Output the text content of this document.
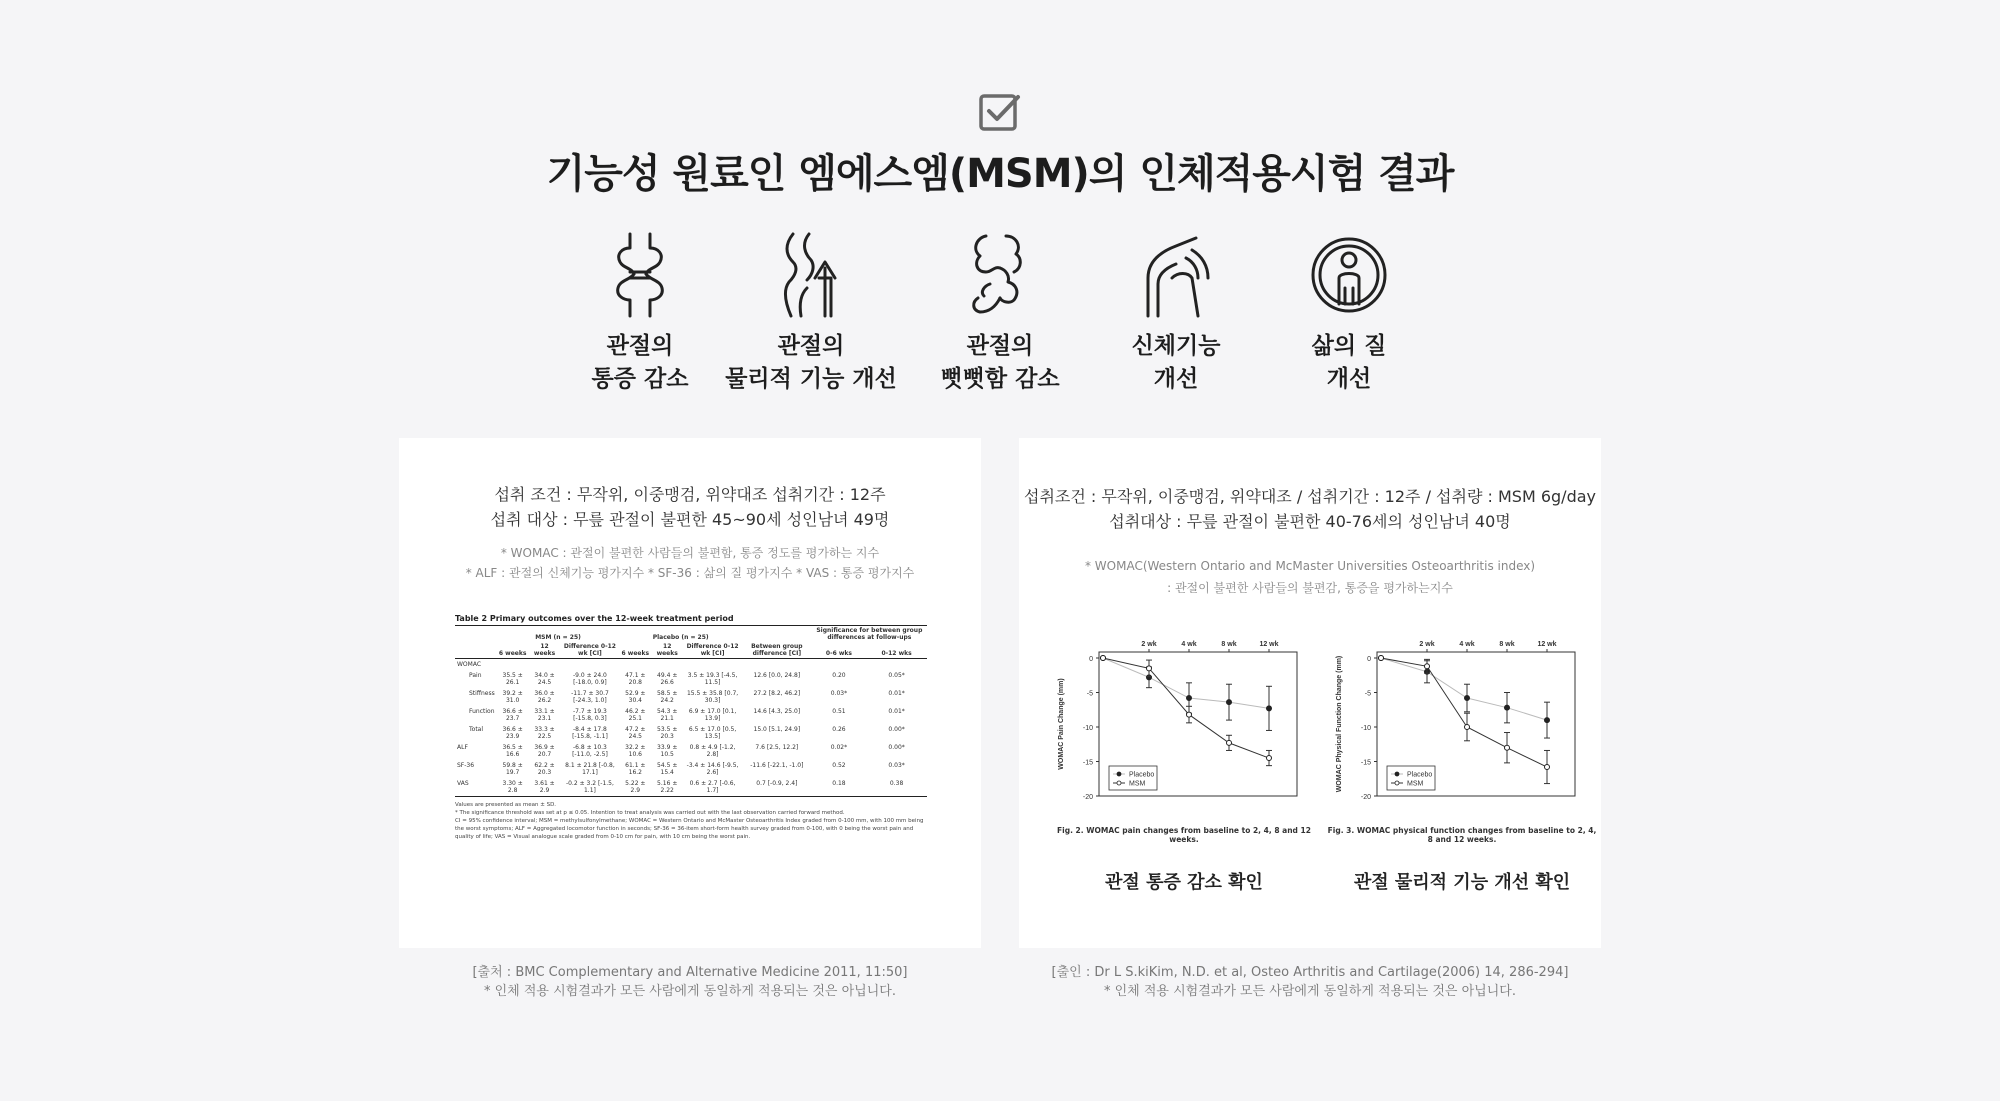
기능성 원료인 엠에스엠(MSM)의 인체적용시험 결과
관절의
통증 감소
관절의
물리적 기능 개선
관절의
뻣뻣함 감소
신체기능
개선
삶의 질
개선
섭취 조건 : 무작위, 이중맹검, 위약대조 섭취기간 : 12주
섭취 대상 : 무릎 관절이 불편한 45~90세 성인남녀 49명
* WOMAC : 관절이 불편한 사람들의 불편함, 통증 정도를 평가하는 지수
* ALF : 관절의 신체기능 평가지수 * SF-36 : 삶의 질 평가지수 * VAS : 통증 평가지수
Table 2 Primary outcomes over the 12-week treatment period
	MSM (n = 25)			Placebo (n = 25)				Significance for between group differences at follow-ups	
	6 weeks	12 weeks	Difference 0-12 wk [CI]	6 weeks	12 weeks	Difference 0-12 wk [CI]	Between group difference [CI]	0-6 wks	0-12 wks
WOMAC									
Pain	35.5 ± 26.1	34.0 ± 24.5	-9.0 ± 24.0 [-18.0, 0.9]	47.1 ± 20.8	49.4 ± 26.6	3.5 ± 19.3 [-4.5, 11.5]	12.6 [0.0, 24.8]	0.20	0.05*
Stiffness	39.2 ± 31.0	36.0 ± 26.2	-11.7 ± 30.7 [-24.3, 1.0]	52.9 ± 30.4	58.5 ± 24.2	15.5 ± 35.8 [0.7, 30.3]	27.2 [8.2, 46.2]	0.03*	0.01*
Function	36.6 ± 23.7	33.1 ± 23.1	-7.7 ± 19.3 [-15.8, 0.3]	46.2 ± 25.1	54.3 ± 21.1	6.9 ± 17.0 [0.1, 13.9]	14.6 [4.3, 25.0]	0.51	0.01*
Total	36.6 ± 23.9	33.3 ± 22.5	-8.4 ± 17.8 [-15.8, -1.1]	47.2 ± 24.5	53.5 ± 20.3	6.5 ± 17.0 [0.5, 13.5]	15.0 [5.1, 24.9]	0.26	0.00*
ALF	36.5 ± 16.6	36.9 ± 20.7	-6.8 ± 10.3 [-11.0, -2.5]	32.2 ± 10.6	33.9 ± 10.5	0.8 ± 4.9 [-1.2, 2.8]	7.6 [2.5, 12.2]	0.02*	0.00*
SF-36	59.8 ± 19.7	62.2 ± 20.3	8.1 ± 21.8 [-0.8, 17.1]	61.1 ± 16.2	54.5 ± 15.4	-3.4 ± 14.6 [-9.5, 2.6]	-11.6 [-22.1, -1.0]	0.52	0.03*
VAS	3.30 ± 2.8	3.61 ± 2.9	-0.2 ± 3.2 [-1.5, 1.1]	5.22 ± 2.9	5.16 ± 2.22	0.6 ± 2.7 [-0.6, 1.7]	0.7 [-0.9, 2.4]	0.18	0.38
Values are presented as mean ± SD.
* The significance threshold was set at p ≤ 0.05. Intention to treat analysis was carried out with the last observation carried forward method.
CI = 95% confidence interval; MSM = methylsulfonylmethane; WOMAC = Western Ontario and McMaster Osteoarthritis Index graded from 0-100 mm, with 100 mm being the worst symptoms; ALF = Aggregated locomotor function in seconds; SF-36 = 36-item short-form health survey graded from 0-100, with 0 being the worst pain and quality of life; VAS = Visual analogue scale graded from 0-10 cm for pain, with 10 cm being the worst pain.
섭취조건 : 무작위, 이중맹검, 위약대조 / 섭취기간 : 12주 / 섭취량 : MSM 6g/day
섭취대상 : 무릎 관절이 불편한 40-76세의 성인남녀 40명
* WOMAC(Western Ontario and McMaster Universities Osteoarthritis index)
: 관절이 불편한 사람들의 불편감, 통증을 평가하는지수
0
-5
-10
-15
-20
2 wk	4 wk	8 wk	12 wk
WOMAC Pain Change (mm)
Placebo
MSM
Fig. 2. WOMAC pain changes from baseline to 2, 4, 8 and 12 weeks.
0
-5
-10
-15
-20
2 wk	4 wk	8 wk	12 wk
WOMAC Physical Function Change (mm)	Placebo
MSM
Fig. 3. WOMAC physical function changes from baseline to 2, 4, 8 and 12 weeks.
관절 통증 감소 확인	관절 물리적 기능 개선 확인
[출처 : BMC Complementary and Alternative Medicine 2011, 11:50]
* 인체 적용 시험결과가 모든 사람에게 동일하게 적용되는 것은 아닙니다.
[출인 : Dr L S.kiKim, N.D. et al, Osteo Arthritis and Cartilage(2006) 14, 286-294]
* 인체 적용 시험결과가 모든 사람에게 동일하게 적용되는 것은 아닙니다.
